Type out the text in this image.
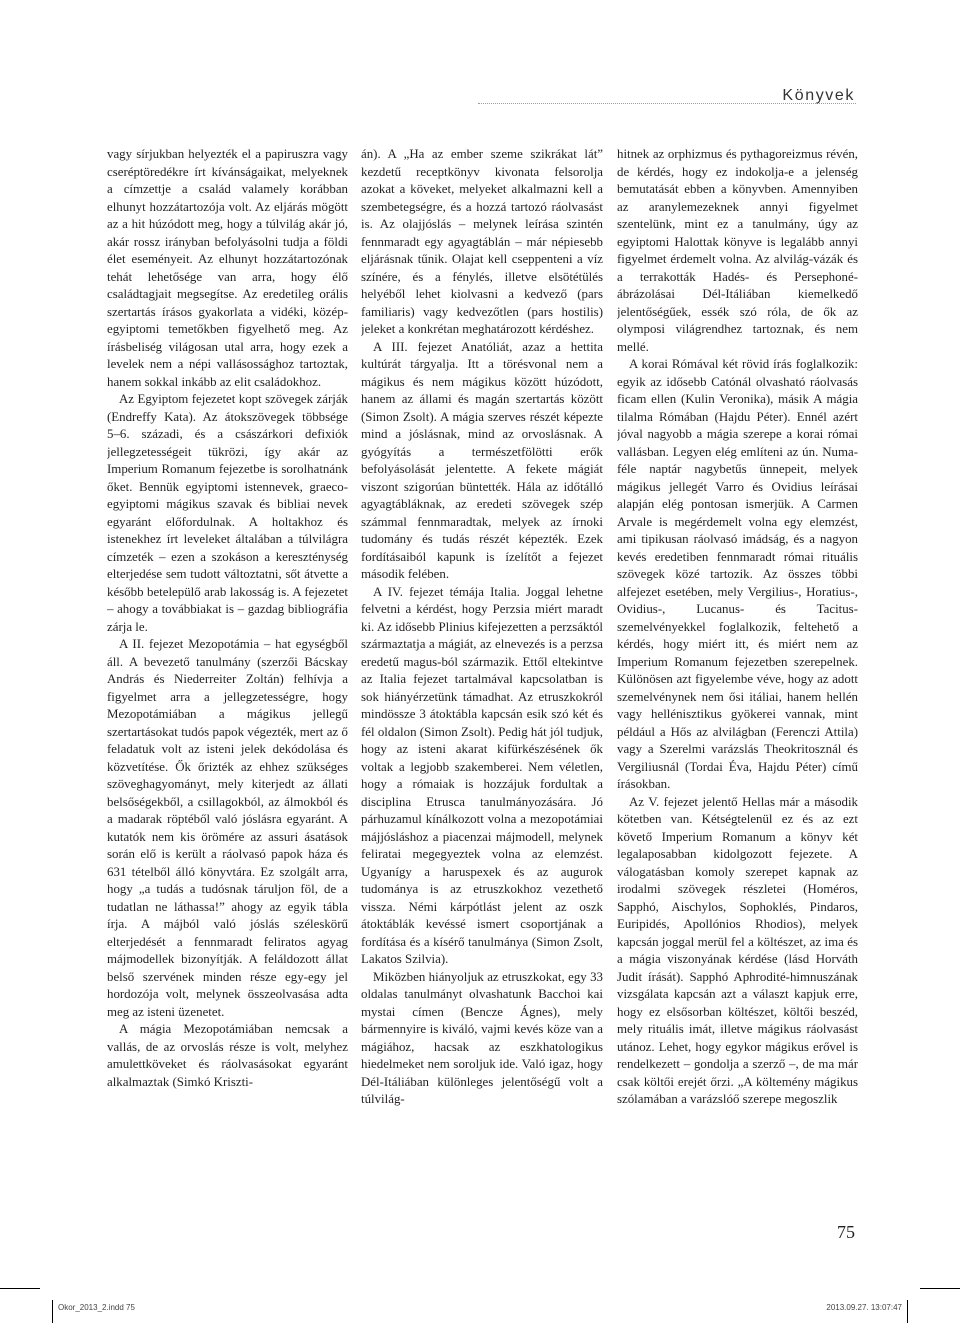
Könyvek

vagy sírjukban helyezték el a papiruszra vagy cseréptöredékre írt kívánságaikat, melyeknek a címzettje a család valamely korábban elhunyt hozzátartozója volt. Az eljárás mögött az a hit húzódott meg, hogy a túlvilág akár jó, akár rossz irányban befolyásolni tudja a földi élet eseményeit. Az elhunyt hozzátartozónak tehát lehetősége van arra, hogy élő családtagjait megsegítse. Az eredetileg orális szertartás írásos gyakorlata a vidéki, közép-egyiptomi temetőkben figyelhető meg. Az írásbeliség világosan utal arra, hogy ezek a levelek nem a népi vallásossághoz tartoztak, hanem sokkal inkább az elit családokhoz.

Az Egyiptom fejezetet kopt szövegek zárják (Endreffy Kata). Az átokszövegek többsége 5–6. századi, és a császárkori defixiók jellegzetességeit tükrözi, így akár az Imperium Romanum fejezetbe is sorolhatnánk őket. Bennük egyiptomi istennevek, graeco-egyiptomi mágikus szavak és bibliai nevek egyaránt előfordulnak. A holtakhoz és istenekhez írt leveleket általában a túlvilágra címzeték – ezen a szokáson a kereszténység elterjedése sem tudott változtatni, sőt átvette a később betelepülő arab lakosság is. A fejezetet – ahogy a továbbiakat is – gazdag bibliográfia zárja le.

A II. fejezet Mezopotámia – hat egységből áll. A bevezető tanulmány (szerzői Bácskay András és Niederreiter Zoltán) felhívja a figyelmet arra a jellegzetességre, hogy Mezopotámiában a mágikus jellegű szertartásokat tudós papok végezték, mert az ő feladatuk volt az isteni jelek dekódolása és közvetítése. Ők őrizték az ehhez szükséges szöveghagyományt, mely kiterjedt az állati belsőségekből, a csillagokból, az álmokból és a madarak röptéből való jóslásra egyaránt. A kutatók nem kis örömére az assuri ásatások során elő is került a ráolvasó papok háza és 631 tételből álló könyvtára. Ez szolgált arra, hogy „a tudás a tudósnak táruljon föl, de a tudatlan ne láthassa!” ahogy az egyik tábla írja. A májból való jóslás széleskörű elterjedését a fennmaradt feliratos agyag májmodellek bizonyítják. A feláldozott állat belső szervének minden része egy-egy jel hordozója volt, melynek összeolvasása adta meg az isteni üzenetet.

A mágia Mezopotámiában nemcsak a vallás, de az orvoslás része is volt, melyhez amulettköveket és ráolvasásokat egyaránt alkalmaztak (Simkó Kriszti-

án). A „Ha az ember szeme szikrákat lát” kezdetű receptkönyv kivonata felsorolja azokat a köveket, melyeket alkalmazni kell a szembetegségre, és a hozzá tartozó ráolvasást is. Az olajjóslás – melynek leírása szintén fennmaradt egy agyagtáblán – már népiesebb eljárásnak tűnik. Olajat kell cseppenteni a víz színére, és a fénylés, illetve elsötétülés helyéből lehet kiolvasni a kedvező (pars familiaris) vagy kedvezőtlen (pars hostilis) jeleket a konkrétan meghatározott kérdéshez.

A III. fejezet Anatóliát, azaz a hettita kultúrát tárgyalja. Itt a törésvonal nem a mágikus és nem mágikus között húzódott, hanem az állami és magán szertartás között (Simon Zsolt). A mágia szerves részét képezte mind a jóslásnak, mind az orvoslásnak. A gyógyítás a természetfölötti erők befolyásolását jelentette. A fekete mágiát viszont szigorúan büntették. Hála az időtálló agyagtábláknak, az eredeti szövegek szép számmal fennmaradtak, melyek az írnoki tudomány és tudás részét képezték. Ezek fordításaiból kapunk is ízelítőt a fejezet második felében.

A IV. fejezet témája Italia. Joggal lehetne felvetni a kérdést, hogy Perzsia miért maradt ki. Az idősebb Plinius kifejezetten a perzsáktól származtatja a mágiát, az elnevezés is a perzsa eredetű magus-ból származik. Ettől eltekintve az Italia fejezet tartalmával kapcsolatban is sok hiányérzetünk támadhat. Az etruszkokról mindössze 3 átoktábla kapcsán esik szó két és fél oldalon (Simon Zsolt). Pedig hát jól tudjuk, hogy az isteni akarat kifürkészésének ők voltak a legjobb szakemberei. Nem véletlen, hogy a rómaiak is hozzájuk fordultak a disciplina Etrusca tanulmányozására. Jó párhuzamul kínálkozott volna a mezopotámiai májjósláshoz a piacenzai májmodell, melynek feliratai megegyeztek volna az elemzést. Ugyanígy a haruspexek és az augurok tudománya is az etruszkokhoz vezethető vissza. Némi kárpótlást jelent az oszk átoktáblák kevéssé ismert csoportjának a fordítása és a kísérő tanulmánya (Simon Zsolt, Lakatos Szilvia).

Miközben hiányoljuk az etruszkokat, egy 33 oldalas tanulmányt olvashatunk Bacchoi kai mystai címen (Bencze Ágnes), mely bármennyire is kiváló, vajmi kevés köze van a mágiához, hacsak az eszkhatologikus hiedelmeket nem soroljuk ide. Való igaz, hogy Dél-Itáliában különleges jelentőségű volt a túlvilág-

hitnek az orphizmus és pythagoreizmus révén, de kérdés, hogy ez indokolja-e a jelenség bemutatását ebben a könyvben. Amennyiben az aranylemezeknek annyi figyelmet szentelünk, mint ez a tanulmány, úgy az egyiptomi Halottak könyve is legalább annyi figyelmet érdemelt volna. Az alvilág-vázák és a terrakották Hadés- és Persephoné-ábrázolásai Dél-Itáliában kiemelkedő jelentőségűek, essék szó róla, de ők az olymposi világrendhez tartoznak, és nem mellé.

A korai Rómával két rövid írás foglalkozik: egyik az idősebb Catónál olvasható ráolvasás ficam ellen (Kulin Veronika), másik A mágia tilalma Rómában (Hajdu Péter). Ennél azért jóval nagyobb a mágia szerepe a korai római vallásban. Legyen elég említeni az ún. Numa-féle naptár nagybetűs ünnepeit, melyek mágikus jellegét Varro és Ovidius leírásai alapján elég pontosan ismerjük. A Carmen Arvale is megérdemelt volna egy elemzést, ami tipikusan ráolvasó imádság, és a nagyon kevés eredetiben fennmaradt római rituális szövegek közé tartozik. Az összes többi alfejezet esetében, mely Vergilius-, Horatius-, Ovidius-, Lucanus- és Tacitus-szemelvényekkel foglalkozik, feltehető a kérdés, hogy miért itt, és miért nem az Imperium Romanum fejezetben szerepelnek. Különösen azt figyelembe véve, hogy az adott szemelvénynek nem ősi itáliai, hanem hellén vagy hellénisztikus gyökerei vannak, mint például a Hős az alvilágban (Ferenczi Attila) vagy a Szerelmi varázslás Theokritosznál és Vergiliusnál (Tordai Éva, Hajdu Péter) című írásokban.

Az V. fejezet jelentő Hellas már a második kötetben van. Kétségtelenül ez és az ezt követő Imperium Romanum a könyv két legalaposabban kidolgozott fejezete. A válogatásban komoly szerepet kapnak az irodalmi szövegek részletei (Homéros, Sapphó, Aischylos, Sophoklés, Pindaros, Euripidés, Apollónios Rhodios), melyek kapcsán joggal merül fel a költészet, az ima és a mágia viszonyának kérdése (lásd Horváth Judit írását). Sapphó Aphrodité-himnuszának vizsgálata kapcsán azt a választ kapjuk erre, hogy ez elsősorban költészet, költői beszéd, mely rituális imát, illetve mágikus ráolvasást utánoz. Lehet, hogy egykor mágikus erővel is rendelkezett – gondolja a szerző –, de ma már csak költői erejét őrzi. „A költemény mágikus szólamában a varázslóő szerepe megoszlik

75
Okor_2013_2.indd 75	2013.09.27. 13:07:47
